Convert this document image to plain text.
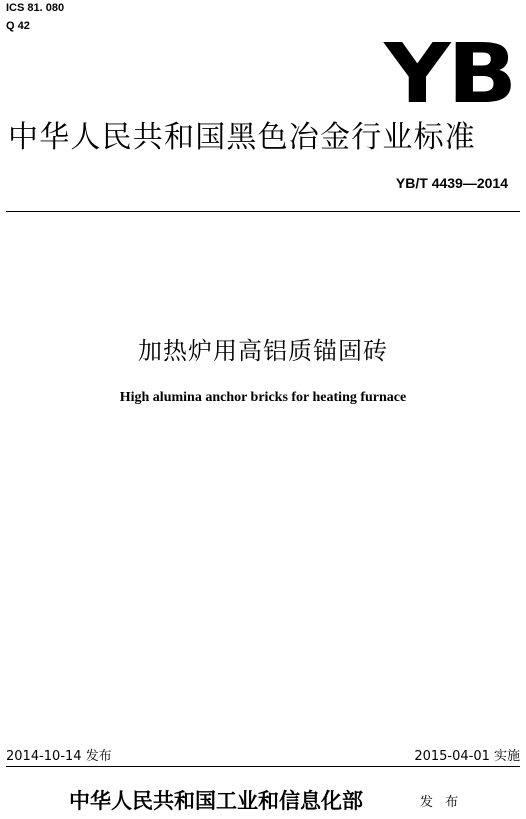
ICS 81. 080
Q 42
YB
中华人民共和国黑色冶金行业标准
YB/T 4439—2014
加热炉用高铝质锚固砖
High alumina anchor bricks for heating furnace
2014-10-14 发布	2015-04-01 实施
中华人民共和国工业和信息化部	发 布
